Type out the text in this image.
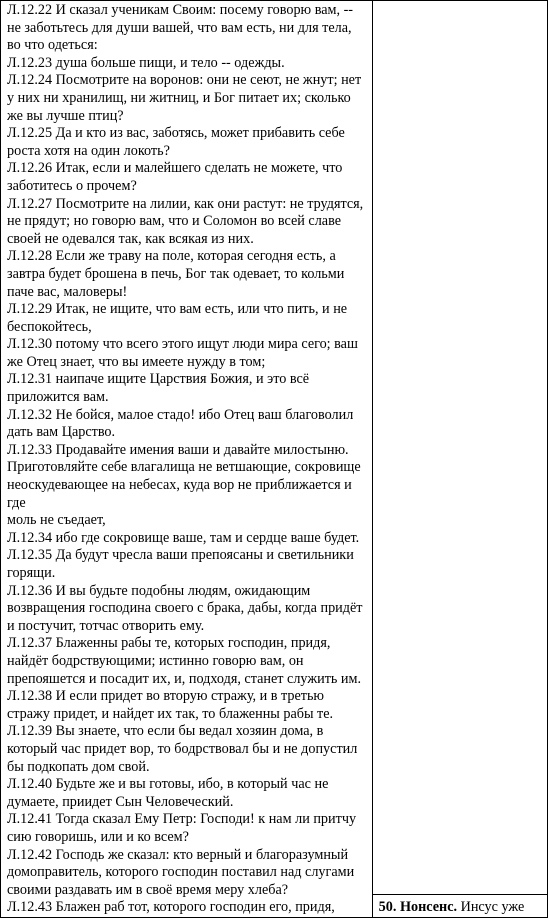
Л.12.22 И сказал ученикам Своим: посему говорю вам, --
не заботьтесь для души вашей, что вам есть, ни для тела,
во что одеться:
Л.12.23 душа больше пищи, и тело -- одежды.
Л.12.24 Посмотрите на воронов: они не сеют, не жнут; нет
у них ни хранилищ, ни житниц, и Бог питает их; сколько
же вы лучше птиц?
Л.12.25 Да и кто из вас, заботясь, может прибавить себе
роста хотя на один локоть?
Л.12.26 Итак, если и малейшего сделать не можете, что
заботитесь о прочем?
Л.12.27 Посмотрите на лилии, как они растут: не трудятся,
не прядут; но говорю вам, что и Соломон во всей славе
своей не одевался так, как всякая из них.
Л.12.28 Если же траву на поле, которая сегодня есть, а
завтра будет брошена в печь, Бог так одевает, то кольми
паче вас, маловеры!
Л.12.29 Итак, не ищите, что вам есть, или что пить, и не
беспокойтесь,
Л.12.30 потому что всего этого ищут люди мира сего; ваш
же Отец знает, что вы имеете нужду в том;
Л.12.31 наипаче ищите Царствия Божия, и это всё
приложится вам.
Л.12.32 Не бойся, малое стадо! ибо Отец ваш благоволил
дать вам Царство.
Л.12.33 Продавайте имения ваши и давайте милостыню.
Приготовляйте себе влагалища не ветшающие, сокровище
неоскудевающее на небесах, куда вор не приближается и
где
моль не съедает,
Л.12.34 ибо где сокровище ваше, там и сердце ваше будет.
Л.12.35 Да будут чресла ваши препоясаны и светильники
горящи.
Л.12.36 И вы будьте подобны людям, ожидающим
возвращения господина своего с брака, дабы, когда придёт
и постучит, тотчас отворить ему.
Л.12.37 Блаженны рабы те, которых господин, придя,
найдёт бодрствующими; истинно говорю вам, он
препояшется и посадит их, и, подходя, станет служить им.
Л.12.38 И если придет во вторую стражу, и в третью
стражу придет, и найдет их так, то блаженны рабы те.
Л.12.39 Вы знаете, что если бы ведал хозяин дома, в
который час придет вор, то бодрствовал бы и не допустил
бы подкопать дом свой.
Л.12.40 Будьте же и вы готовы, ибо, в который час не
думаете, приидет Сын Человеческий.
Л.12.41 Тогда сказал Ему Петр: Господи! к нам ли притчу
сию говоришь, или и ко всем?
Л.12.42 Господь же сказал: кто верный и благоразумный
домоправитель, которого господин поставил над слугами
своими раздавать им в своё время меру хлеба?
Л.12.43 Блажен раб тот, которого господин его, придя,	50. Нонсенс. Инсус уже
